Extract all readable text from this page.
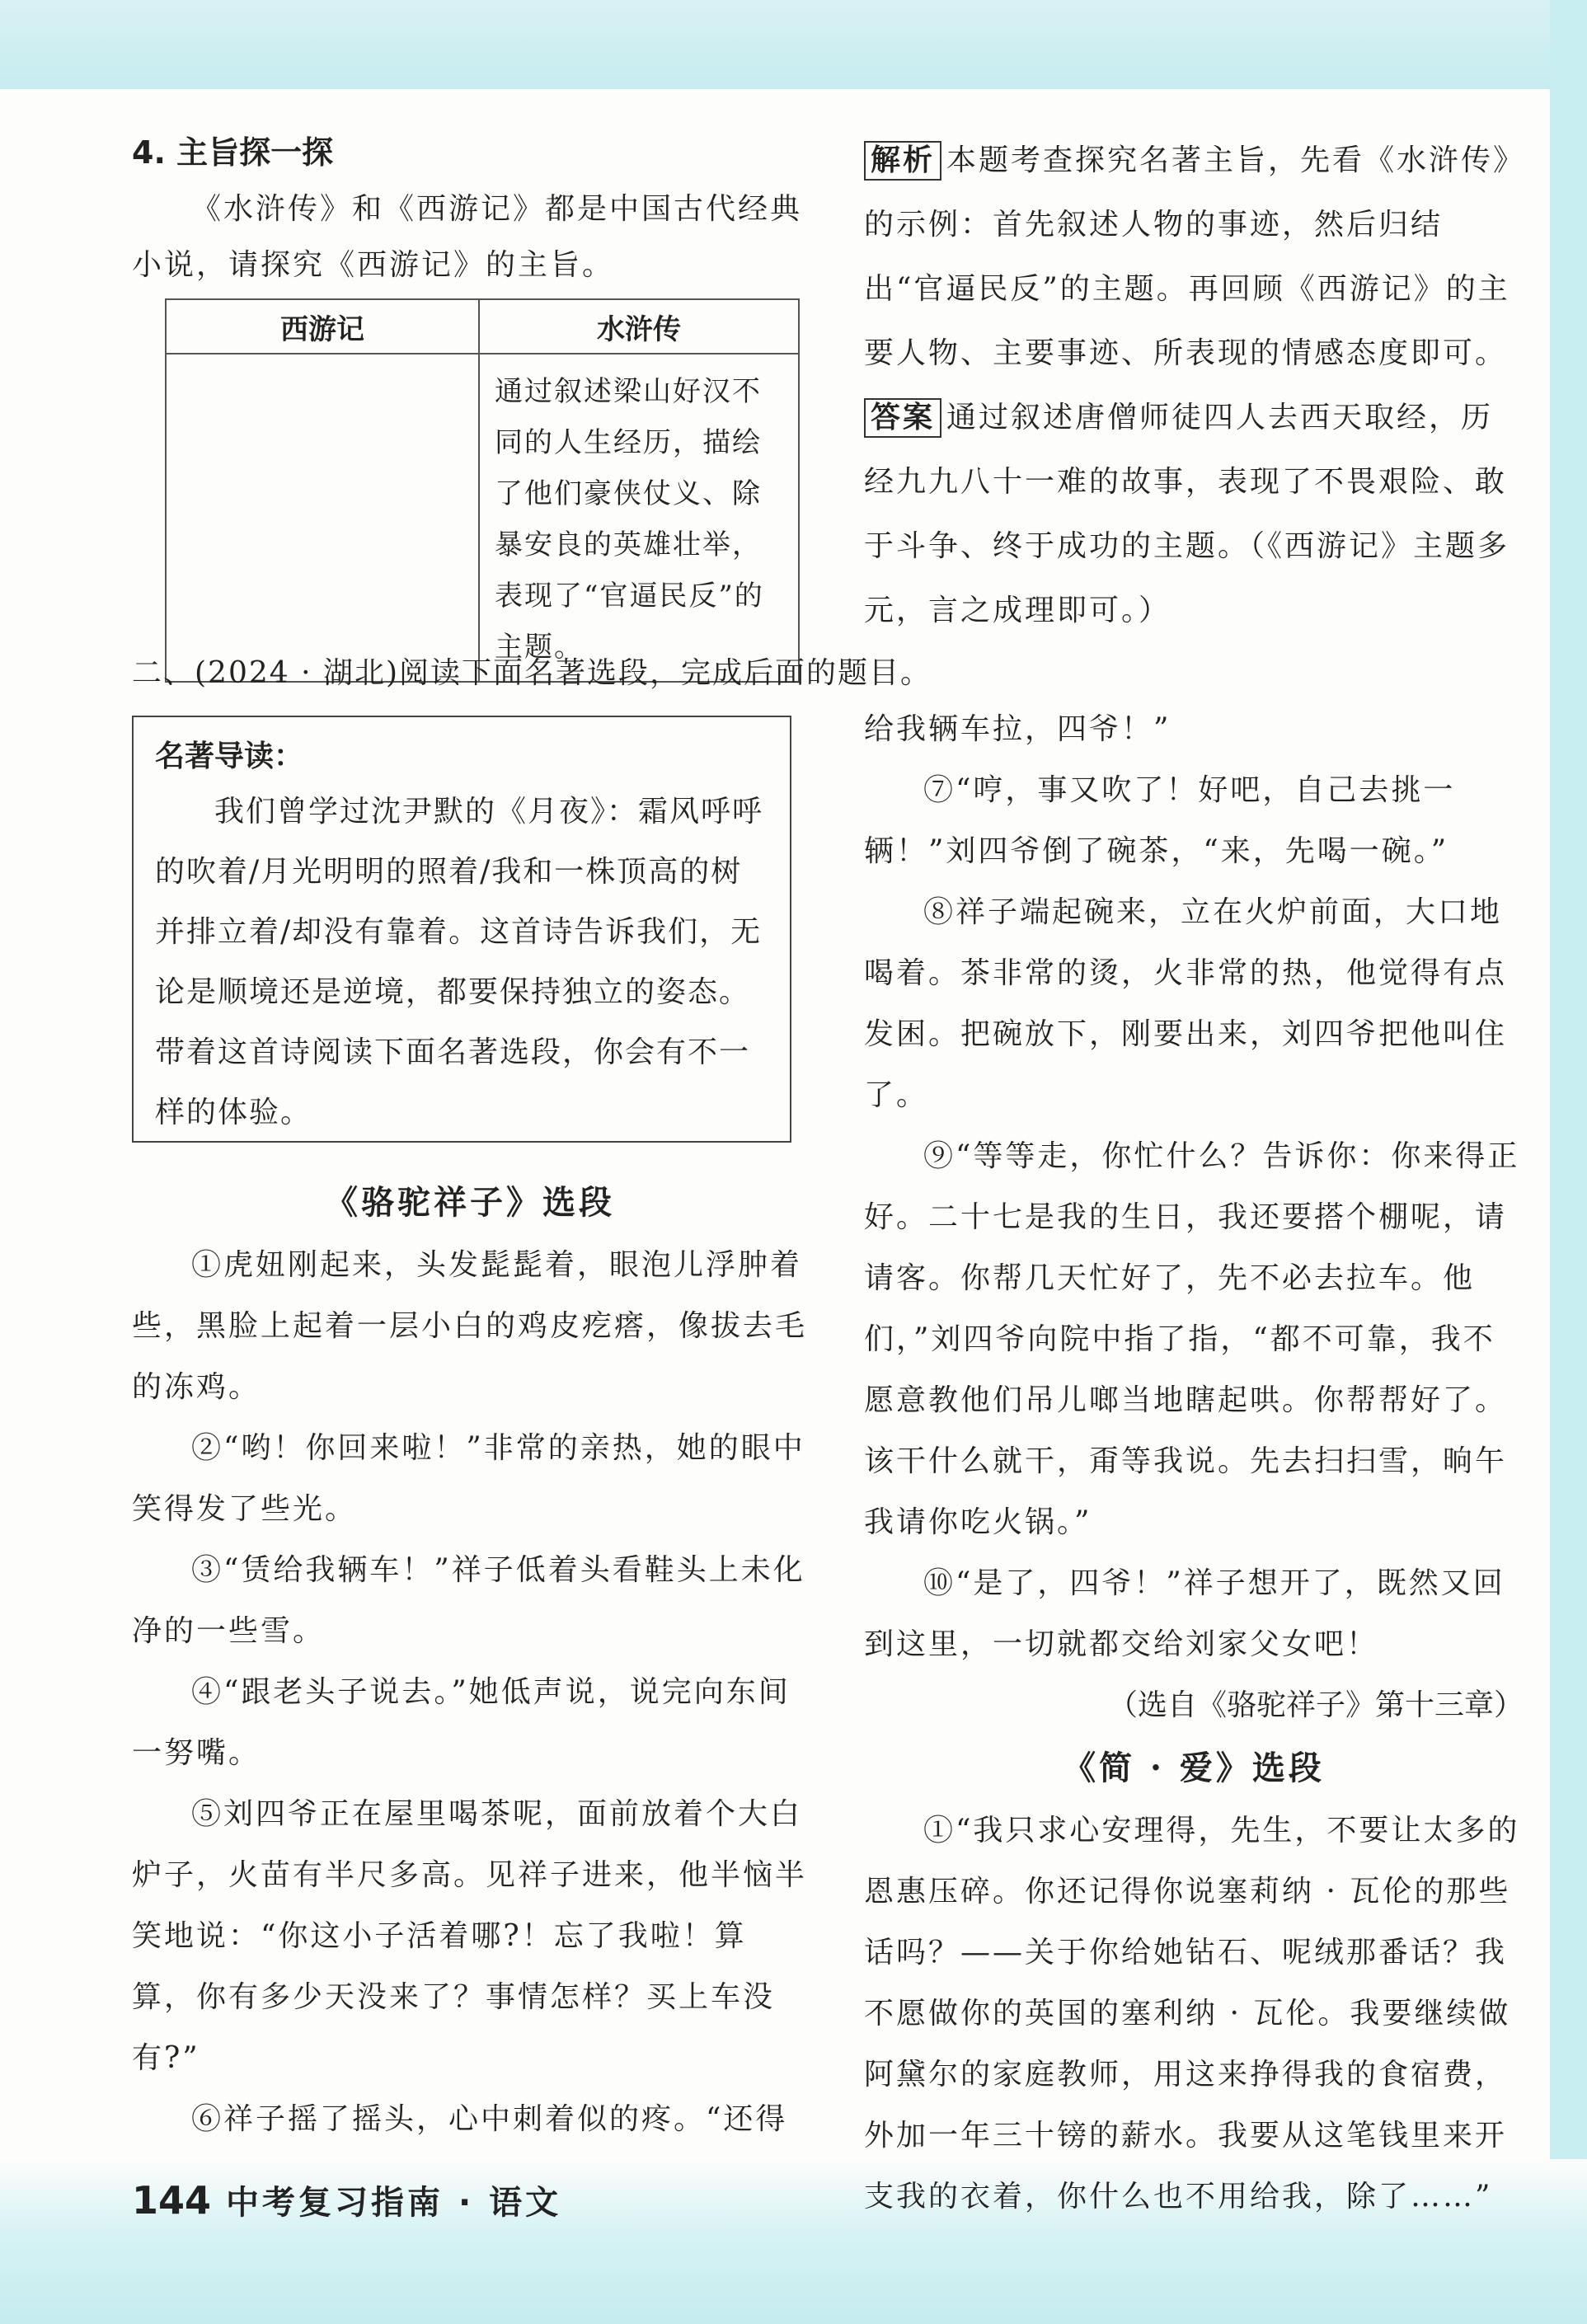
4. 主旨探一探

《水浒传》和《西游记》都是中国古代经典小说，请探究《西游记》的主旨。

西游记	水浒传
	通过叙述梁山好汉不同的人生经历，描绘了他们豪侠仗义、除暴安良的英雄壮举，表现了“官逼民反”的主题。

解析 本题考查探究名著主旨，先看《水浒传》的示例：首先叙述人物的事迹，然后归结出“官逼民反”的主题。再回顾《西游记》的主要人物、主要事迹、所表现的情感态度即可。

答案 通过叙述唐僧师徒四人去西天取经，历经九九八十一难的故事，表现了不畏艰险、敢于斗争、终于成功的主题。（《西游记》主题多元，言之成理即可。）

二、(2024 · 湖北)阅读下面名著选段，完成后面的题目。

名著导读：

我们曾学过沈尹默的《月夜》：霜风呼呼的吹着/月光明明的照着/我和一株顶高的树并排立着/却没有靠着。这首诗告诉我们，无论是顺境还是逆境，都要保持独立的姿态。带着这首诗阅读下面名著选段，你会有不一样的体验。

《骆驼祥子》选段

①虎妞刚起来，头发髭髭着，眼泡儿浮肿着些，黑脸上起着一层小白的鸡皮疙瘩，像拔去毛的冻鸡。

②“哟！你回来啦！”非常的亲热，她的眼中笑得发了些光。

③“赁给我辆车！”祥子低着头看鞋头上未化净的一些雪。

④“跟老头子说去。”她低声说，说完向东间一努嘴。

⑤刘四爷正在屋里喝茶呢，面前放着个大白炉子，火苗有半尺多高。见祥子进来，他半恼半笑地说：“你这小子活着哪?！忘了我啦！算算，你有多少天没来了？事情怎样？买上车没有?”

⑥祥子摇了摇头，心中刺着似的疼。“还得

给我辆车拉，四爷！”

⑦“哼，事又吹了！好吧，自己去挑一辆！”刘四爷倒了碗茶，“来，先喝一碗。”

⑧祥子端起碗来，立在火炉前面，大口地喝着。茶非常的烫，火非常的热，他觉得有点发困。把碗放下，刚要出来，刘四爷把他叫住了。

⑨“等等走，你忙什么？告诉你：你来得正好。二十七是我的生日，我还要搭个棚呢，请请客。你帮几天忙好了，先不必去拉车。他们，”刘四爷向院中指了指，“都不可靠，我不愿意教他们吊儿啷当地瞎起哄。你帮帮好了。该干什么就干，甭等我说。先去扫扫雪，晌午我请你吃火锅。”

⑩“是了，四爷！”祥子想开了，既然又回到这里，一切就都交给刘家父女吧！

（选自《骆驼祥子》第十三章）

《简 · 爱》选段

①“我只求心安理得，先生，不要让太多的恩惠压碎。你还记得你说塞莉纳 · 瓦伦的那些话吗？——关于你给她钻石、呢绒那番话？我不愿做你的英国的塞利纳 · 瓦伦。我要继续做阿黛尔的家庭教师，用这来挣得我的食宿费，外加一年三十镑的薪水。我要从这笔钱里来开支我的衣着，你什么也不用给我，除了……”

144 中考复习指南 · 语文
